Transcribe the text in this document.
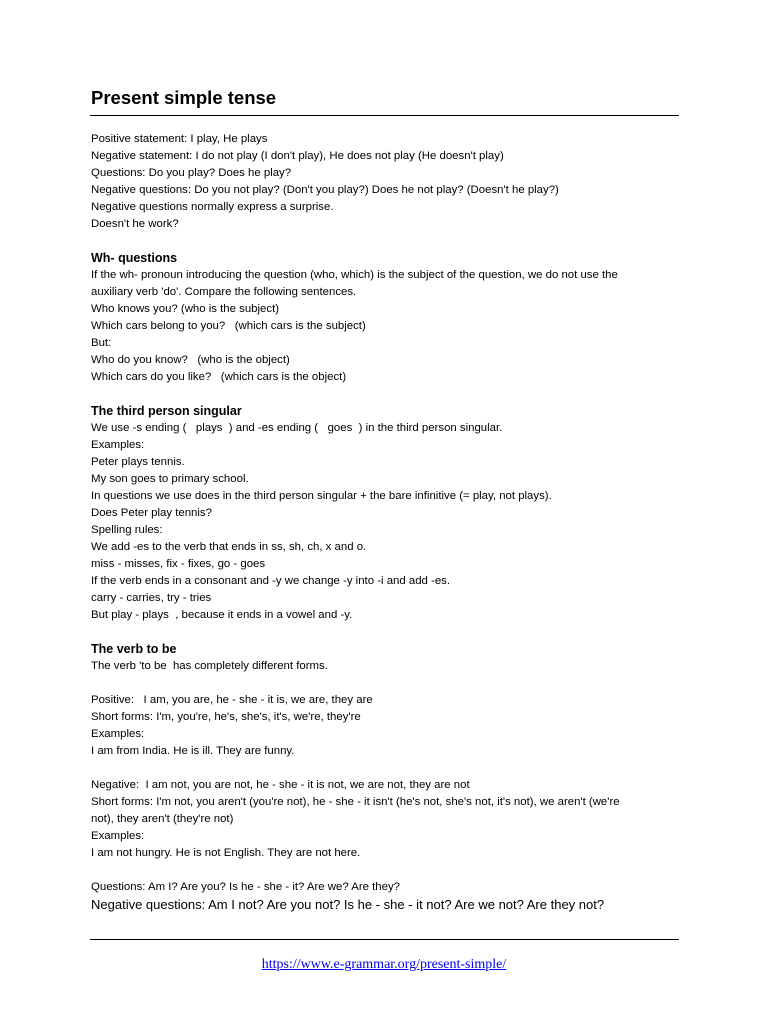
Present simple tense
Positive statement: I play, He plays
Negative statement: I do not play (I don't play), He does not play (He doesn't play)
Questions: Do you play? Does he play?
Negative questions: Do you not play? (Don't you play?) Does he not play? (Doesn't he play?)
Negative questions normally express a surprise.
Doesn't he work?
Wh- questions
If the wh- pronoun introducing the question (who, which) is the subject of the question, we do not use the
auxiliary verb 'do'. Compare the following sentences.
Who knows you? (who is the subject)
Which cars belong to you?   (which cars is the subject)
But:
Who do you know?   (who is the object)
Which cars do you like?   (which cars is the object)
The third person singular
We use -s ending (   plays  ) and -es ending (   goes  ) in the third person singular.
Examples:
Peter plays tennis.
My son goes to primary school.
In questions we use does in the third person singular + the bare infinitive (= play, not plays).
Does Peter play tennis?
Spelling rules:
We add -es to the verb that ends in ss, sh, ch, x and o.
miss - misses, fix - fixes, go - goes
If the verb ends in a consonant and -y we change -y into -i and add -es.
carry - carries, try - tries
But play - plays  , because it ends in a vowel and -y.
The verb to be
The verb 'to be  has completely different forms.
Positive:   I am, you are, he - she - it is, we are, they are
Short forms: I'm, you're, he's, she's, it's, we're, they're
Examples:
I am from India. He is ill. They are funny.
Negative:  I am not, you are not, he - she - it is not, we are not, they are not
Short forms: I'm not, you aren't (you're not), he - she - it isn't (he's not, she's not, it's not), we aren't (we're
not), they aren't (they're not)
Examples:
I am not hungry. He is not English. They are not here.
Questions: Am I? Are you? Is he - she - it? Are we? Are they?
Negative questions: Am I not? Are you not? Is he - she - it not? Are we not? Are they not?
https://www.e-grammar.org/present-simple/
